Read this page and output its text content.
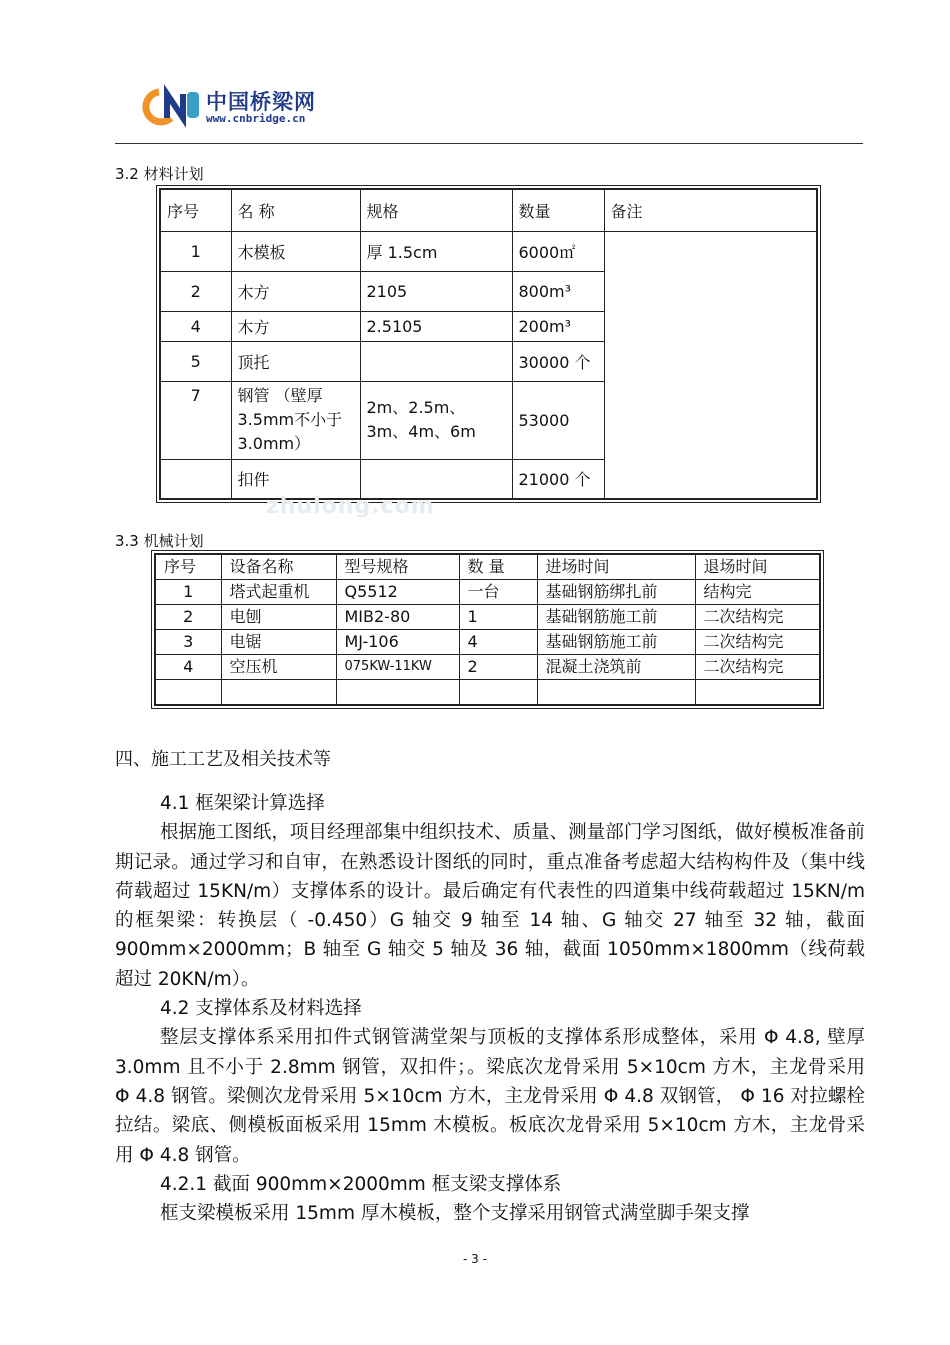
中国桥梁网
www.cnbridge.cn
3.2 材料计划
序号	名 称	规格	数量	备注
1	木模板	厚 1.5cm	6000㎡	
2	木方	2105	800m³	
4	木方	2.5105	200m³	
5	顶托		30000 个	
7	钢管 （壁厚 3.5mm不小于 3.0mm）	2m、2.5m、3m、4m、6m	53000	
	扣件		21000 个	
zhulong.com
3.3 机械计划
序号	设备名称	型号规格	数 量	进场时间	退场时间
1	塔式起重机	Q5512	一台	基础钢筋绑扎前	结构完
2	电刨	MIB2-80	1	基础钢筋施工前	二次结构完
3	电锯	MJ-106	4	基础钢筋施工前	二次结构完
4	空压机	075KW-11KW	2	混凝土浇筑前	二次结构完

四、施工工艺及相关技术等

4.1 框架梁计算选择

根据施工图纸，项目经理部集中组织技术、质量、测量部门学习图纸，做好模板准备前期记录。通过学习和自审，在熟悉设计图纸的同时，重点准备考虑超大结构构件及（集中线荷载超过 15KN/m）支撑体系的设计。最后确定有代表性的四道集中线荷载超过 15KN/m 的框架梁：转换层（ -0.450）G 轴交 9 轴至 14 轴、G 轴交 27 轴至 32 轴，截面 900mm×2000mm；B 轴至 G 轴交 5 轴及 36 轴，截面 1050mm×1800mm（线荷载超过 20KN/m）。

4.2 支撑体系及材料选择

整层支撑体系采用扣件式钢管满堂架与顶板的支撑体系形成整体，采用 Φ 4.8, 壁厚 3.0mm 且不小于 2.8mm 钢管，双扣件；。梁底次龙骨采用 5×10cm 方木，主龙骨采用 Φ 4.8 钢管。梁侧次龙骨采用 5×10cm 方木，主龙骨采用 Φ 4.8 双钢管， Φ 16 对拉螺栓拉结。梁底、侧模板面板采用 15mm 木模板。板底次龙骨采用 5×10cm 方木，主龙骨采用 Φ 4.8 钢管。

4.2.1 截面 900mm×2000mm 框支梁支撑体系

框支梁模板采用 15mm 厚木模板，整个支撑采用钢管式满堂脚手架支撑

- 3 -
